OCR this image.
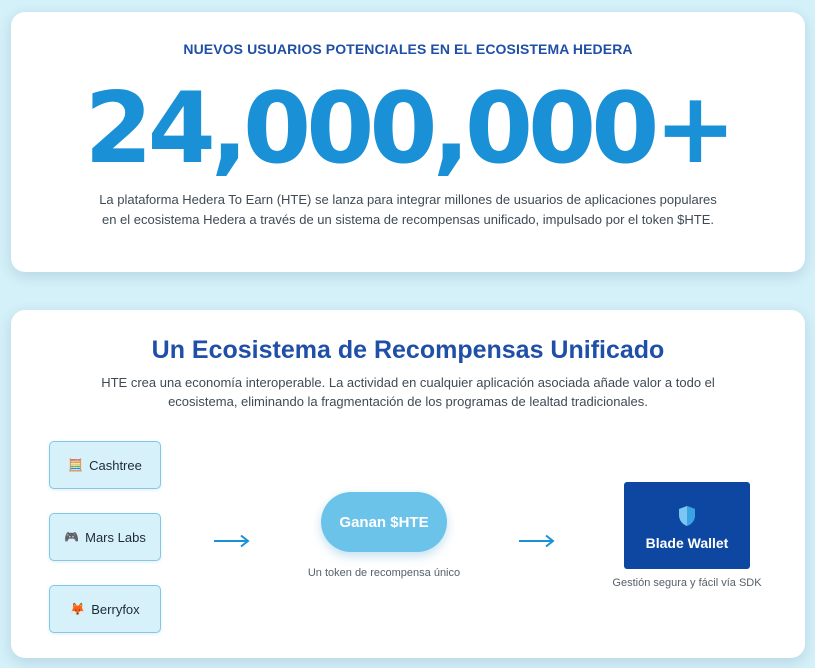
NUEVOS USUARIOS POTENCIALES EN EL ECOSISTEMA HEDERA
24,000,000+

La plataforma Hedera To Earn (HTE) se lanza para integrar millones de usuarios de aplicaciones populares en el ecosistema Hedera a través de un sistema de recompensas unificado, impulsado por el token $HTE.

Un Ecosistema de Recompensas Unificado

HTE crea una economía interoperable. La actividad en cualquier aplicación asociada añade valor a todo el ecosistema, eliminando la fragmentación de los programas de lealtad tradicionales.

🧮 Cashtree
🎮 Mars Labs
🦊 Berryfox
Ganan $HTE
Un token de recompensa único
Blade Wallet
Gestión segura y fácil vía SDK
